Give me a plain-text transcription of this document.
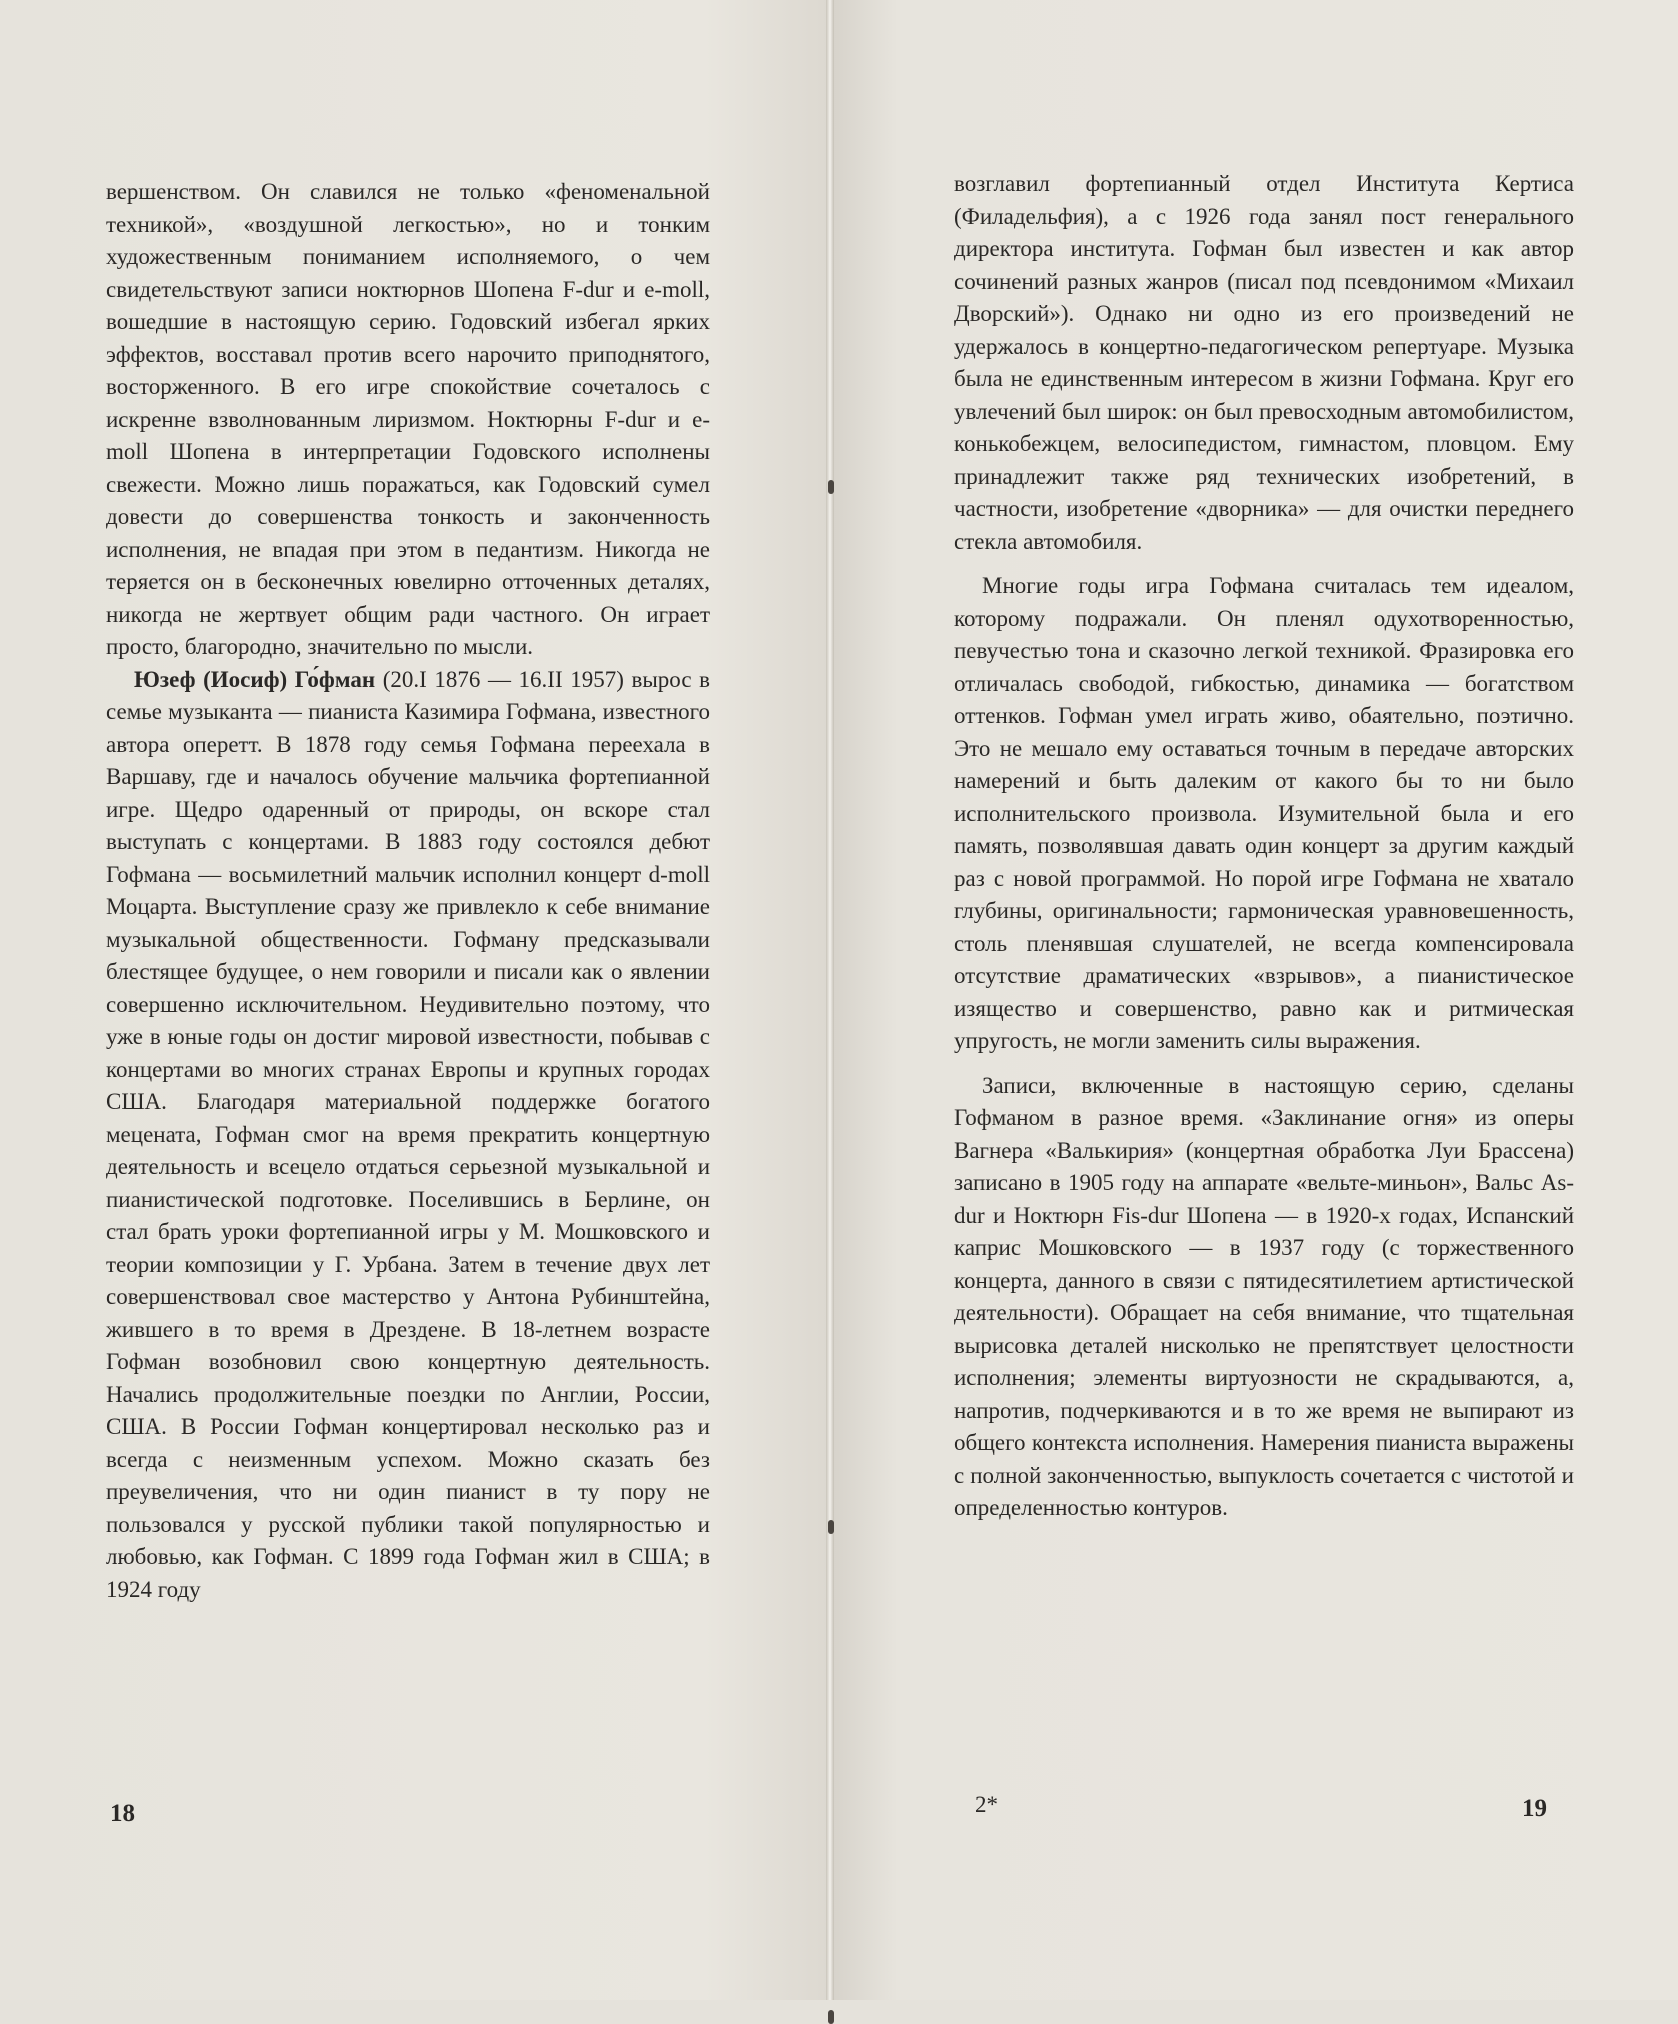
вершенством. Он славился не только «феноменальной техникой», «воздушной легкостью», но и тонким художественным пониманием исполняемого, о чем свидетельствуют записи ноктюрнов Шопена F-dur и e-moll, вошедшие в настоящую серию. Годовский избегал ярких эффектов, восставал против всего нарочито приподнятого, восторженного. В его игре спокойствие сочеталось с искренне взволнованным лиризмом. Ноктюрны F-dur и e-moll Шопена в интерпретации Годовского исполнены свежести. Можно лишь поражаться, как Годовский сумел довести до совершенства тонкость и законченность исполнения, не впадая при этом в педантизм. Никогда не теряется он в бесконечных ювелирно отточенных деталях, никогда не жертвует общим ради частного. Он играет просто, благородно, значительно по мысли.

Юзеф (Иосиф) Го́фман (20.I 1876 — 16.II 1957) вырос в семье музыканта — пианиста Казимира Гофмана, известного автора оперетт. В 1878 году семья Гофмана переехала в Варшаву, где и началось обучение мальчика фортепианной игре. Щедро одаренный от природы, он вскоре стал выступать с концертами. В 1883 году состоялся дебют Гофмана — восьмилетний мальчик исполнил концерт d-moll Моцарта. Выступление сразу же привлекло к себе внимание музыкальной общественности. Гофману предсказывали блестящее будущее, о нем говорили и писали как о явлении совершенно исключительном. Неудивительно поэтому, что уже в юные годы он достиг мировой известности, побывав с концертами во многих странах Европы и крупных городах США. Благодаря материальной поддержке богатого мецената, Гофман смог на время прекратить концертную деятельность и всецело отдаться серьезной музыкальной и пианистической подготовке. Поселившись в Берлине, он стал брать уроки фортепианной игры у М. Мошковского и теории композиции у Г. Урбана. Затем в течение двух лет совершенствовал свое мастерство у Антона Рубинштейна, жившего в то время в Дрездене. В 18-летнем возрасте Гофман возобновил свою концертную деятельность. Начались продолжительные поездки по Англии, России, США. В России Гофман концертировал несколько раз и всегда с неизменным успехом. Можно сказать без преувеличения, что ни один пианист в ту пору не пользовался у русской публики такой популярностью и любовью, как Гофман. С 1899 года Гофман жил в США; в 1924 году

18

возглавил фортепианный отдел Института Кертиса (Филадельфия), а с 1926 года занял пост генерального директора института. Гофман был известен и как автор сочинений разных жанров (писал под псевдонимом «Михаил Дворский»). Однако ни одно из его произведений не удержалось в концертно-педагогическом репертуаре. Музыка была не единственным интересом в жизни Гофмана. Круг его увлечений был широк: он был превосходным автомобилистом, конькобежцем, велосипедистом, гимнастом, пловцом. Ему принадлежит также ряд технических изобретений, в частности, изобретение «дворника» — для очистки переднего стекла автомобиля.

Многие годы игра Гофмана считалась тем идеалом, которому подражали. Он пленял одухотворенностью, певучестью тона и сказочно легкой техникой. Фразировка его отличалась свободой, гибкостью, динамика — богатством оттенков. Гофман умел играть живо, обаятельно, поэтично. Это не мешало ему оставаться точным в передаче авторских намерений и быть далеким от какого бы то ни было исполнительского произвола. Изумительной была и его память, позволявшая давать один концерт за другим каждый раз с новой программой. Но порой игре Гофмана не хватало глубины, оригинальности; гармоническая уравновешенность, столь пленявшая слушателей, не всегда компенсировала отсутствие драматических «взрывов», а пианистическое изящество и совершенство, равно как и ритмическая упругость, не могли заменить силы выражения.

Записи, включенные в настоящую серию, сделаны Гофманом в разное время. «Заклинание огня» из оперы Вагнера «Валькирия» (концертная обработка Луи Брассена) записано в 1905 году на аппарате «вельте-миньон», Вальс As-dur и Ноктюрн Fis-dur Шопена — в 1920-х годах, Испанский каприс Мошковского — в 1937 году (с торжественного концерта, данного в связи с пятидесятилетием артистической деятельности). Обращает на себя внимание, что тщательная вырисовка деталей нисколько не препятствует целостности исполнения; элементы виртуозности не скрадываются, а, напротив, подчеркиваются и в то же время не выпирают из общего контекста исполнения. Намерения пианиста выражены с полной законченностью, выпуклость сочетается с чистотой и определенностью контуров.

2*	19
